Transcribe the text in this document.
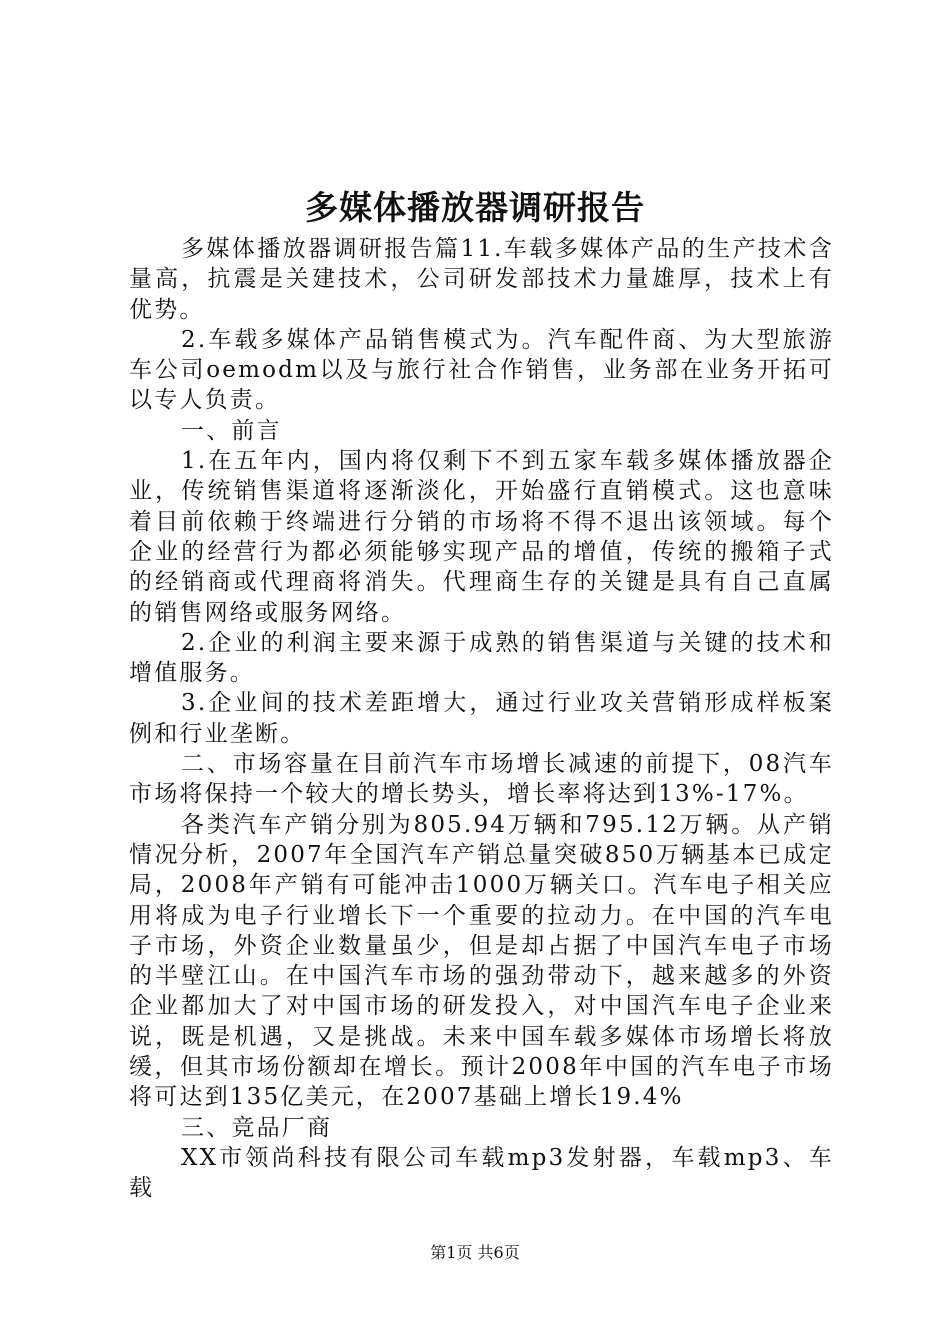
多媒体播放器调研报告

多媒体播放器调研报告篇11.车载多媒体产品的生产技术含量高，抗震是关建技术，公司研发部技术力量雄厚，技术上有优势。

2.车载多媒体产品销售模式为。汽车配件商、为大型旅游车公司oemodm以及与旅行社合作销售，业务部在业务开拓可以专人负责。

一、前言

1.在五年内，国内将仅剩下不到五家车载多媒体播放器企业，传统销售渠道将逐渐淡化，开始盛行直销模式。这也意味着目前依赖于终端进行分销的市场将不得不退出该领域。每个企业的经营行为都必须能够实现产品的增值，传统的搬箱子式的经销商或代理商将消失。代理商生存的关键是具有自己直属的销售网络或服务网络。

2.企业的利润主要来源于成熟的销售渠道与关键的技术和增值服务。

3.企业间的技术差距增大，通过行业攻关营销形成样板案例和行业垄断。

二、市场容量在目前汽车市场增长减速的前提下，08汽车市场将保持一个较大的增长势头，增长率将达到13%-17%。

各类汽车产销分别为805.94万辆和795.12万辆。从产销情况分析，2007年全国汽车产销总量突破850万辆基本已成定局，2008年产销有可能冲击1000万辆关口。汽车电子相关应用将成为电子行业增长下一个重要的拉动力。在中国的汽车电子市场，外资企业数量虽少，但是却占据了中国汽车电子市场的半壁江山。在中国汽车市场的强劲带动下，越来越多的外资企业都加大了对中国市场的研发投入，对中国汽车电子企业来说，既是机遇，又是挑战。未来中国车载多媒体市场增长将放缓，但其市场份额却在增长。预计2008年中国的汽车电子市场将可达到135亿美元，在2007基础上增长19.4%

三、竞品厂商

XX市领尚科技有限公司车载mp3发射器，车载mp3、车载

第1页 共6页
